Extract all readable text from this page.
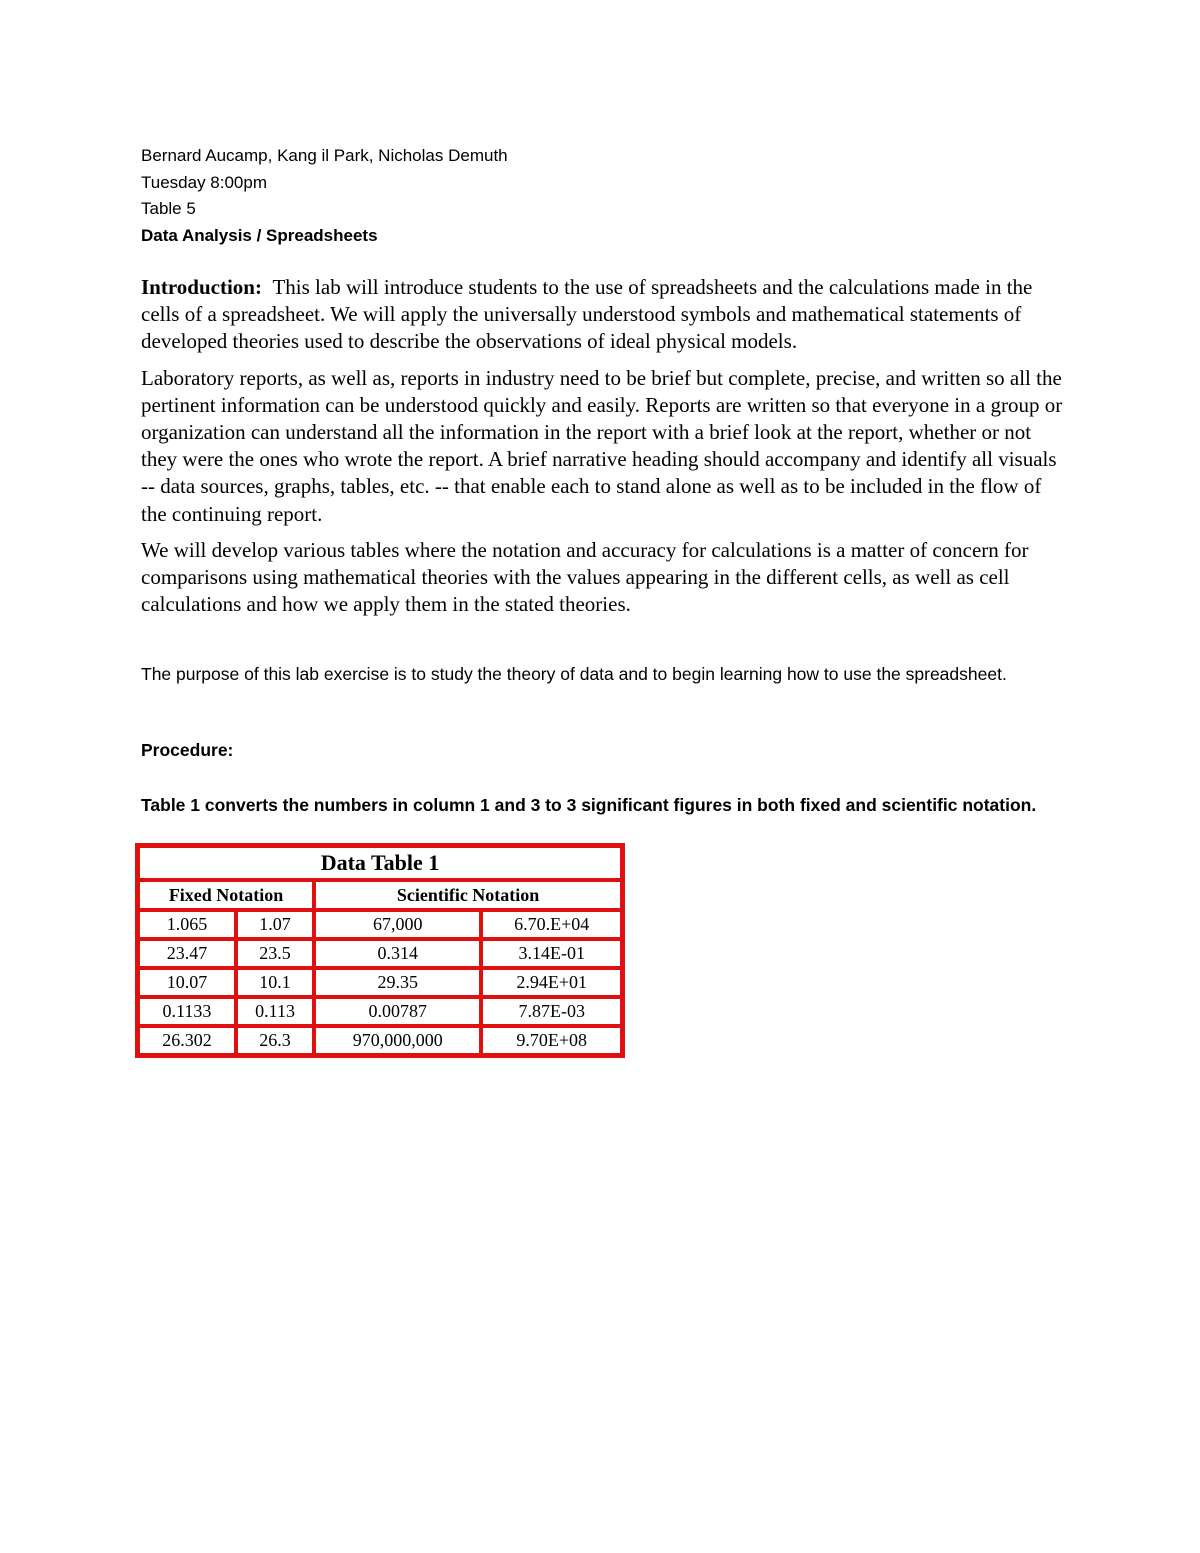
Bernard Aucamp, Kang il Park, Nicholas Demuth
Tuesday 8:00pm
Table 5
Data Analysis / Spreadsheets

Introduction: This lab will introduce students to the use of spreadsheets and the calculations made in the cells of a spreadsheet. We will apply the universally understood symbols and mathematical statements of developed theories used to describe the observations of ideal physical models.

Laboratory reports, as well as, reports in industry need to be brief but complete, precise, and written so all the pertinent information can be understood quickly and easily. Reports are written so that everyone in a group or organization can understand all the information in the report with a brief look at the report, whether or not they were the ones who wrote the report. A brief narrative heading should accompany and identify all visuals -- data sources, graphs, tables, etc. -- that enable each to stand alone as well as to be included in the flow of the continuing report.

We will develop various tables where the notation and accuracy for calculations is a matter of concern for comparisons using mathematical theories with the values appearing in the different cells, as well as cell calculations and how we apply them in the stated theories.

The purpose of this lab exercise is to study the theory of data and to begin learning how to use the spreadsheet.
Procedure:
Table 1 converts the numbers in column 1 and 3 to 3 significant figures in both fixed and scientific notation.
Data Table 1			
Fixed Notation		Scientific Notation	
1.065	1.07	67,000	6.70.E+04
23.47	23.5	0.314	3.14E-01
10.07	10.1	29.35	2.94E+01
0.1133	0.113	0.00787	7.87E-03
26.302	26.3	970,000,000	9.70E+08
